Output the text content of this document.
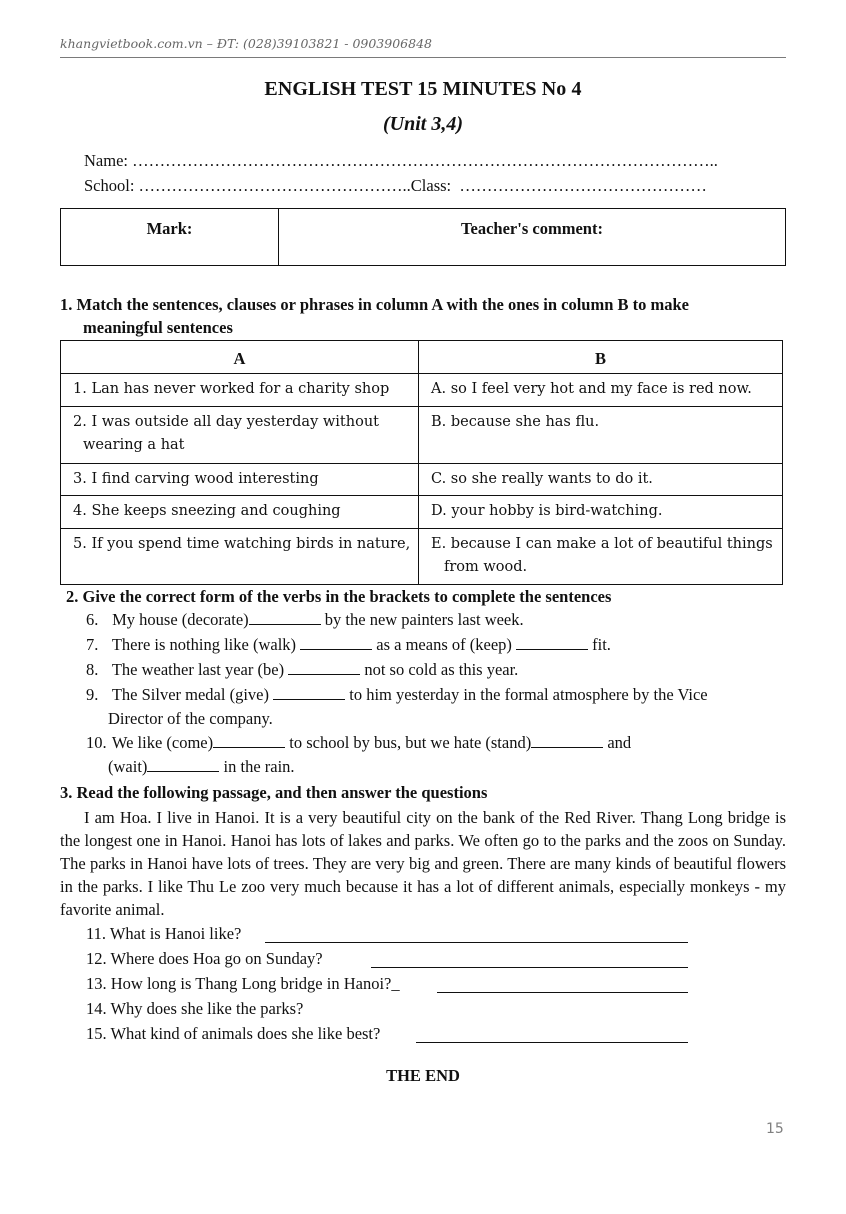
khangvietbook.com.vn – ĐT: (028)39103821 - 0903906848
ENGLISH TEST 15 MINUTES No 4
(Unit 3,4)
Name: ……………………………………………………………………………………………..
School: …………………………………………..Class: ………………………………………
Mark:	Teacher's comment:
1. Match the sentences, clauses or phrases in column A with the ones in column B to make
meaningful sentences
A	B

1. Lan has never worked for a charity shop	A. so I feel very hot and my face is red now.

2. I was outside all day yesterday without wearing a hat	B. because she has flu.

3. I find carving wood interesting	C. so she really wants to do it.

4. She keeps sneezing and coughing	D. your hobby is bird-watching.

5. If you spend time watching birds in nature,	E. because I can make a lot of beautiful things from wood.
2. Give the correct form of the verbs in the brackets to complete the sentences
6. My house (decorate)	by the new painters last week.
7. There is nothing like (walk)	as a means of (keep)	fit.
8. The weather last year (be)	not so cold as this year.
9. The Silver medal (give)	to him yesterday in the formal atmosphere by the Vice
Director of the company.
10. We like (come)	to school by bus, but we hate (stand)	and
(wait)	in the rain.
3. Read the following passage, and then answer the questions
I am Hoa. I live in Hanoi. It is a very beautiful city on the bank of the Red River. Thang Long bridge is the longest one in Hanoi. Hanoi has lots of lakes and parks. We often go to the parks and the zoos on Sunday. The parks in Hanoi have lots of trees. They are very big and green. There are many kinds of beautiful flowers in the parks. I like Thu Le zoo very much because it has a lot of different animals, especially monkeys - my favorite animal.
11. What is Hanoi like?
12. Where does Hoa go on Sunday?
13. How long is Thang Long bridge in Hanoi?_
14. Why does she like the parks?
15. What kind of animals does she like best?
THE END
15
